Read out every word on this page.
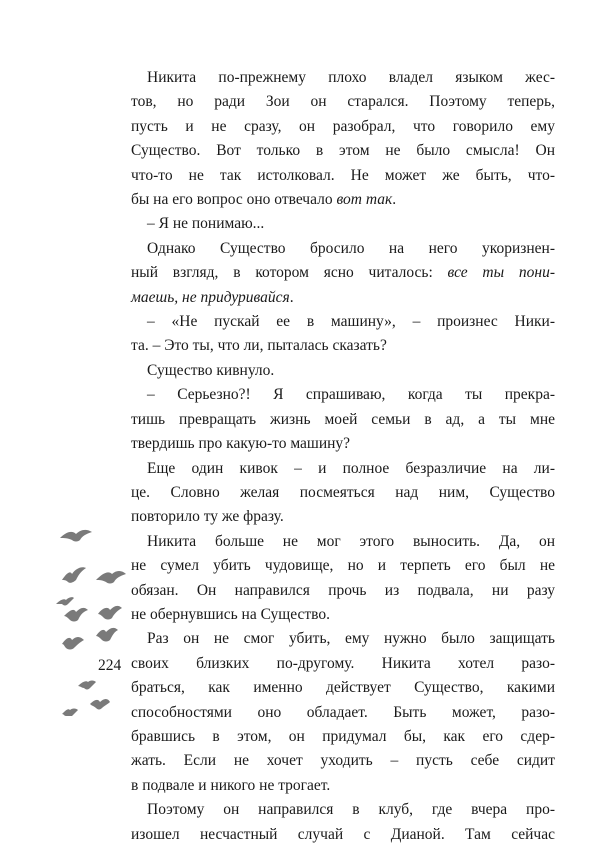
Никита по-прежнему плохо владел языком жес-
тов, но ради Зои он старался. Поэтому теперь,
пусть и не сразу, он разобрал, что говорило ему
Существо. Вот только в этом не было смысла! Он
что-то не так истолковал. Не может же быть, что-
бы на его вопрос оно отвечало вот так.
– Я не понимаю...
Однако Существо бросило на него укоризнен-
ный взгляд, в котором ясно читалось: все ты пони-
маешь, не придуривайся.
– «Не пускай ее в машину», – произнес Ники-
та. – Это ты, что ли, пыталась сказать?
Существо кивнуло.
– Серьезно?! Я спрашиваю, когда ты прекра-
тишь превращать жизнь моей семьи в ад, а ты мне
твердишь про какую-то машину?
Еще один кивок – и полное безразличие на ли-
це. Словно желая посмеяться над ним, Существо
повторило ту же фразу.
Никита больше не мог этого выносить. Да, он
не сумел убить чудовище, но и терпеть его был не
обязан. Он направился прочь из подвала, ни разу
не обернувшись на Существо.
Раз он не смог убить, ему нужно было защищать
своих близких по-другому. Никита хотел разо-
браться, как именно действует Существо, какими
способностями оно обладает. Быть может, разо-
бравшись в этом, он придумал бы, как его сдер-
жать. Если не хочет уходить – пусть себе сидит
в подвале и никого не трогает.
Поэтому он направился в клуб, где вчера про-
изошел несчастный случай с Дианой. Там сейчас
224
